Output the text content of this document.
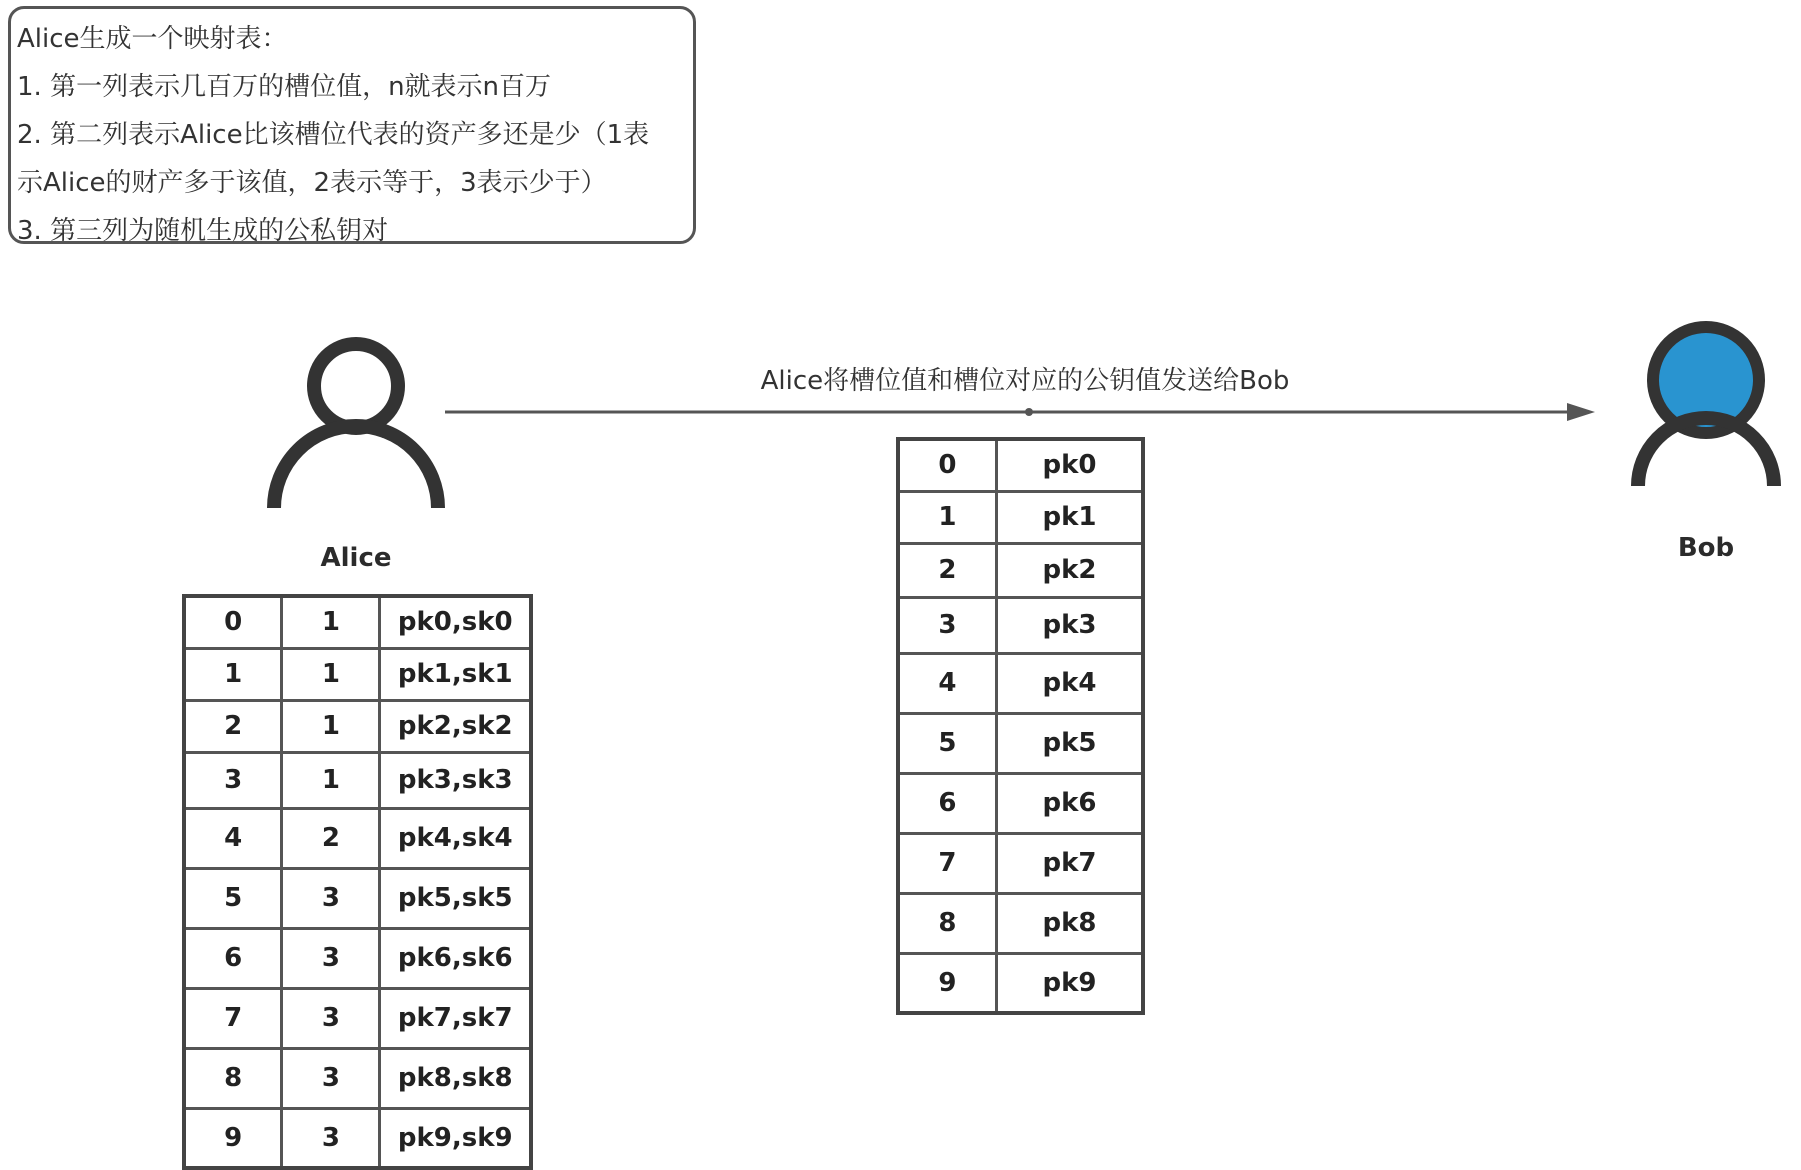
Alice生成一个映射表：
1. 第一列表示几百万的槽位值，n就表示n百万
2. 第二列表示Alice比该槽位代表的资产多还是少（1表
示Alice的财产多于该值，2表示等于，3表示少于）
3. 第三列为随机生成的公私钥对
Alice	Bob
Alice将槽位值和槽位对应的公钥值发送给Bob
0	1	pk0,sk0
1	1	pk1,sk1
2	1	pk2,sk2
3	1	pk3,sk3
4	2	pk4,sk4
5	3	pk5,sk5
6	3	pk6,sk6
7	3	pk7,sk7
8	3	pk8,sk8
9	3	pk9,sk9
0	pk0
1	pk1
2	pk2
3	pk3
4	pk4
5	pk5
6	pk6
7	pk7
8	pk8
9	pk9
